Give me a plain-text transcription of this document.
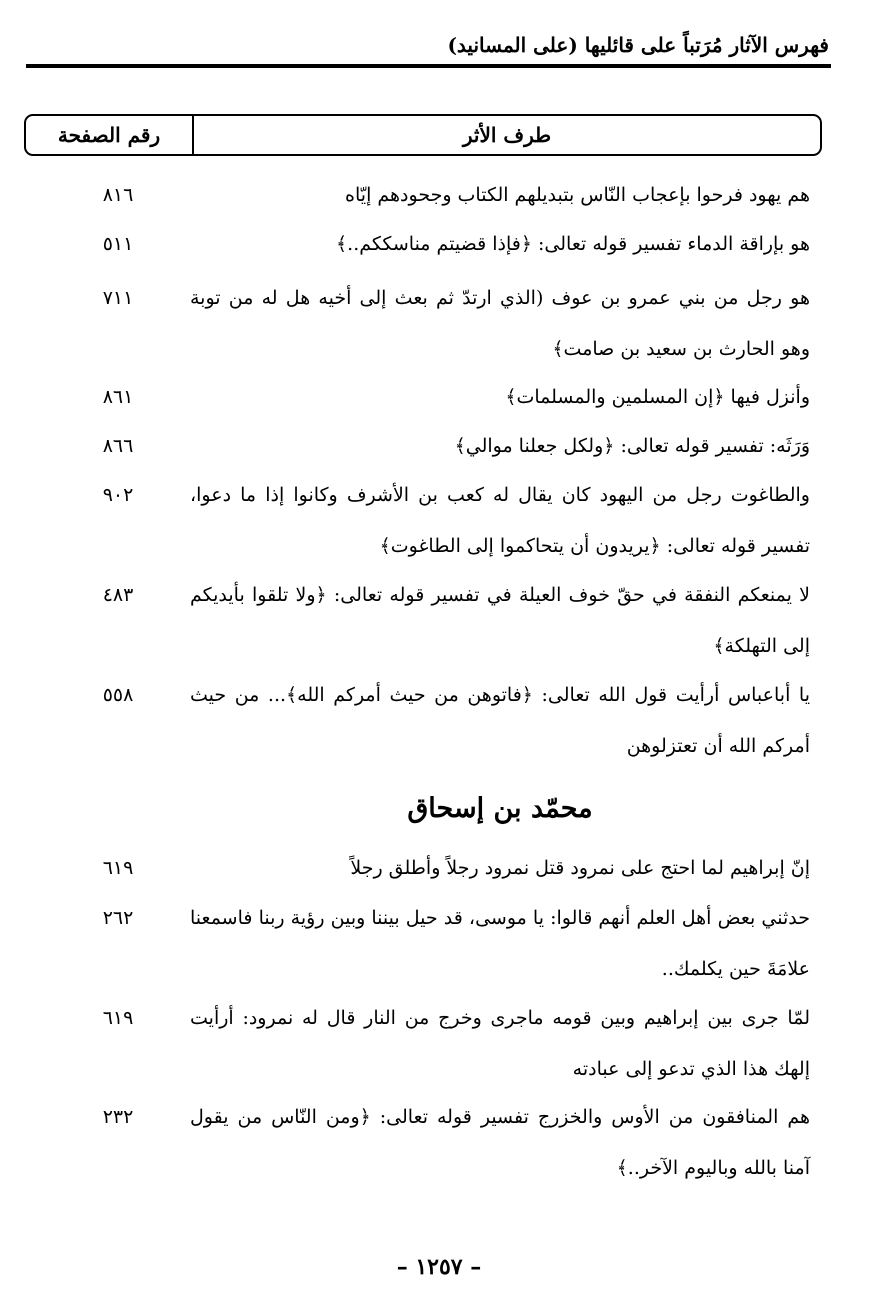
فهرس الآثار مُرَتباً على قائليها (على المسانيد)
طرف الأثر
رقم الصفحة
هم يهود فرحوا بإعجاب النّاس بتبديلهم الكتاب وجحودهم إيّاه
٨١٦
هو بإراقة الدماء تفسير قوله تعالى: ﴿فإذا قضيتم مناسككم..﴾
٥١١
هو رجل من بني عمرو بن عوف (الذي ارتدّ ثم بعث إلى أخيه هل له من توبة وهو الحارث بن سعيد بن صامت﴾
٧١١
وأنزل فيها ﴿إن المسلمين والمسلمات﴾
٨٦١
وَرَثَه: تفسير قوله تعالى: ﴿ولكل جعلنا موالي﴾
٨٦٦
والطاغوت رجل من اليهود كان يقال له كعب بن الأشرف وكانوا إذا ما دعوا، تفسير قوله تعالى: ﴿يريدون أن يتحاكموا إلى الطاغوت﴾
٩٠٢
لا يمنعكم النفقة في حقّ خوف العيلة في تفسير قوله تعالى: ﴿ولا تلقوا بأيديكم إلى التهلكة﴾
٤٨٣
يا أباعباس أرأيت قول الله تعالى: ﴿فاتوهن من حيث أمركم الله﴾... من حيث أمركم الله أن تعتزلوهن
٥٥٨
محمّد بن إسحاق
إنّ إبراهيم لما احتج على نمرود قتل نمرود رجلاً وأطلق رجلاً
٦١٩
حدثني بعض أهل العلم أنهم قالوا: يا موسى، قد حيل بيننا وبين رؤية ربنا فاسمعنا علامَةَ حين يكلمك..
٢٦٢
لمّا جرى بين إبراهيم وبين قومه ماجرى وخرج من النار قال له نمرود: أرأيت إلهك هذا الذي تدعو إلى عبادته
٦١٩
هم المنافقون من الأوس والخزرج تفسير قوله تعالى: ﴿ومن النّاس من يقول آمنا بالله وباليوم الآخر..﴾
٢٣٢
– ١٢٥٧ –
